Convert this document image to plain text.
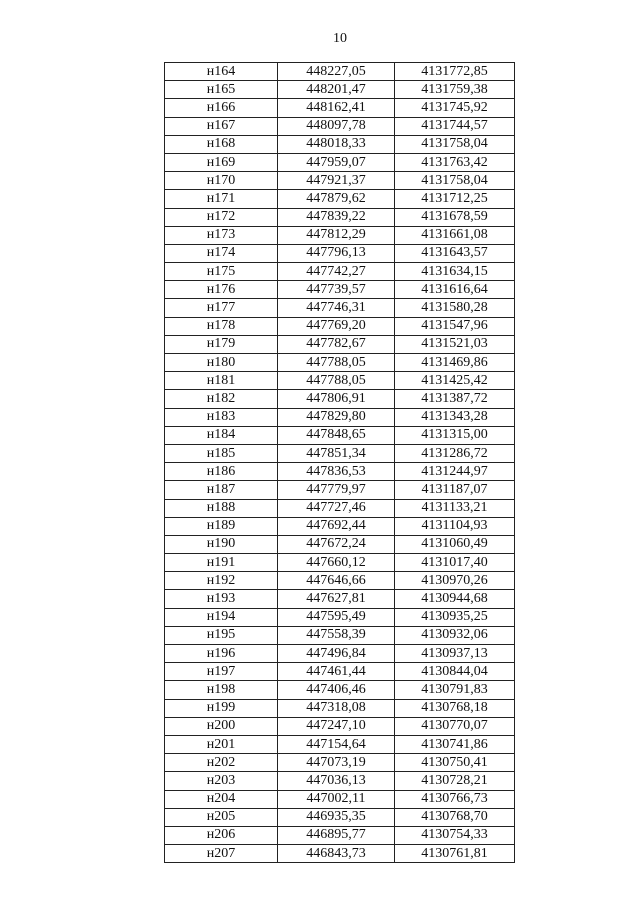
10
н164	448227,05	4131772,85
н165	448201,47	4131759,38
н166	448162,41	4131745,92
н167	448097,78	4131744,57
н168	448018,33	4131758,04
н169	447959,07	4131763,42
н170	447921,37	4131758,04
н171	447879,62	4131712,25
н172	447839,22	4131678,59
н173	447812,29	4131661,08
н174	447796,13	4131643,57
н175	447742,27	4131634,15
н176	447739,57	4131616,64
н177	447746,31	4131580,28
н178	447769,20	4131547,96
н179	447782,67	4131521,03
н180	447788,05	4131469,86
н181	447788,05	4131425,42
н182	447806,91	4131387,72
н183	447829,80	4131343,28
н184	447848,65	4131315,00
н185	447851,34	4131286,72
н186	447836,53	4131244,97
н187	447779,97	4131187,07
н188	447727,46	4131133,21
н189	447692,44	4131104,93
н190	447672,24	4131060,49
н191	447660,12	4131017,40
н192	447646,66	4130970,26
н193	447627,81	4130944,68
н194	447595,49	4130935,25
н195	447558,39	4130932,06
н196	447496,84	4130937,13
н197	447461,44	4130844,04
н198	447406,46	4130791,83
н199	447318,08	4130768,18
н200	447247,10	4130770,07
н201	447154,64	4130741,86
н202	447073,19	4130750,41
н203	447036,13	4130728,21
н204	447002,11	4130766,73
н205	446935,35	4130768,70
н206	446895,77	4130754,33
н207	446843,73	4130761,81
